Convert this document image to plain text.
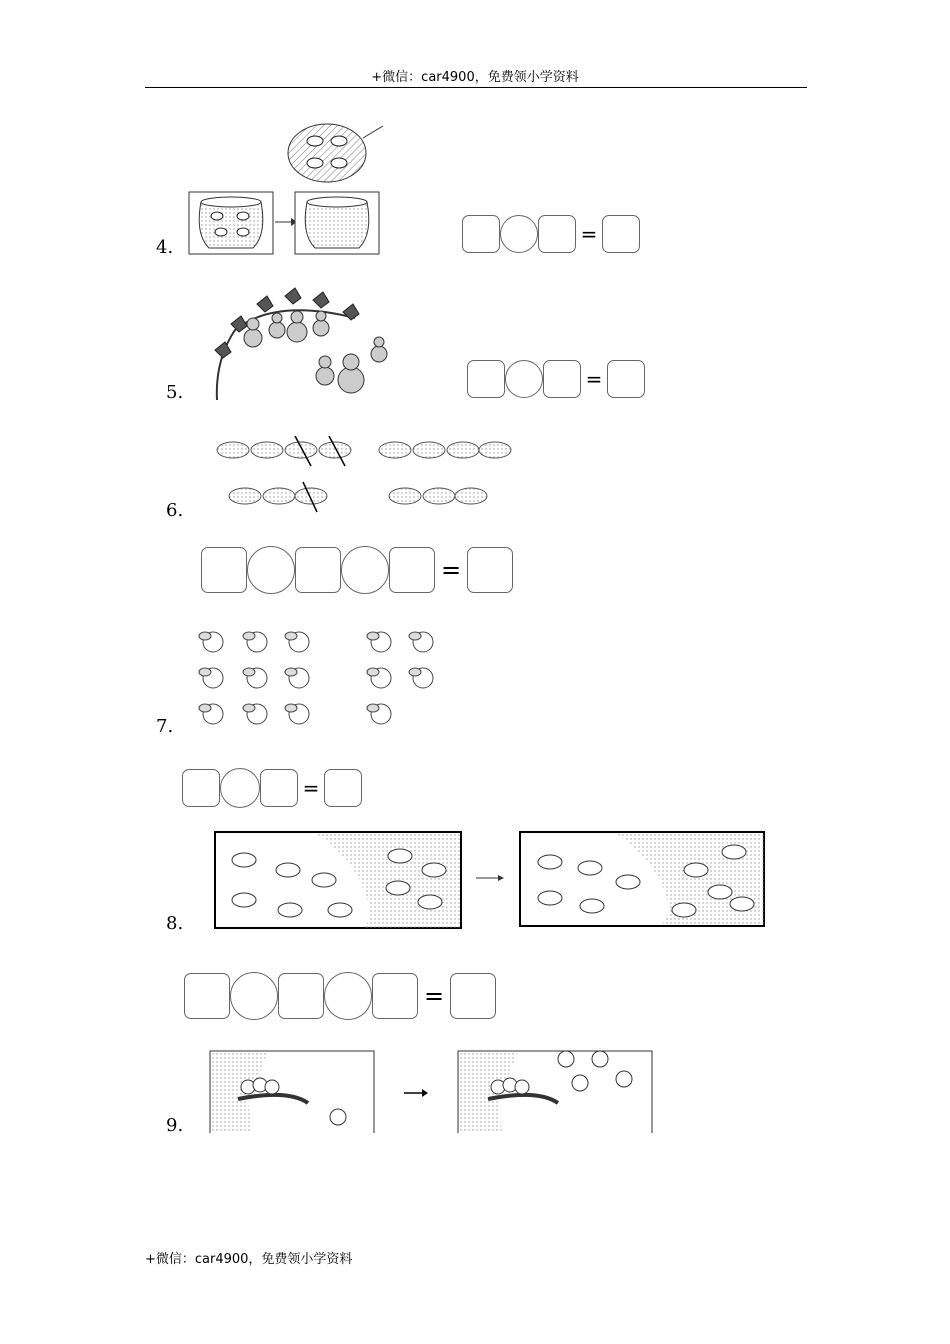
+微信：car4900，免费领小学资料
4.
=
5.
=
6.
=
7.
=
8.
=
9.
+微信：car4900，免费领小学资料
